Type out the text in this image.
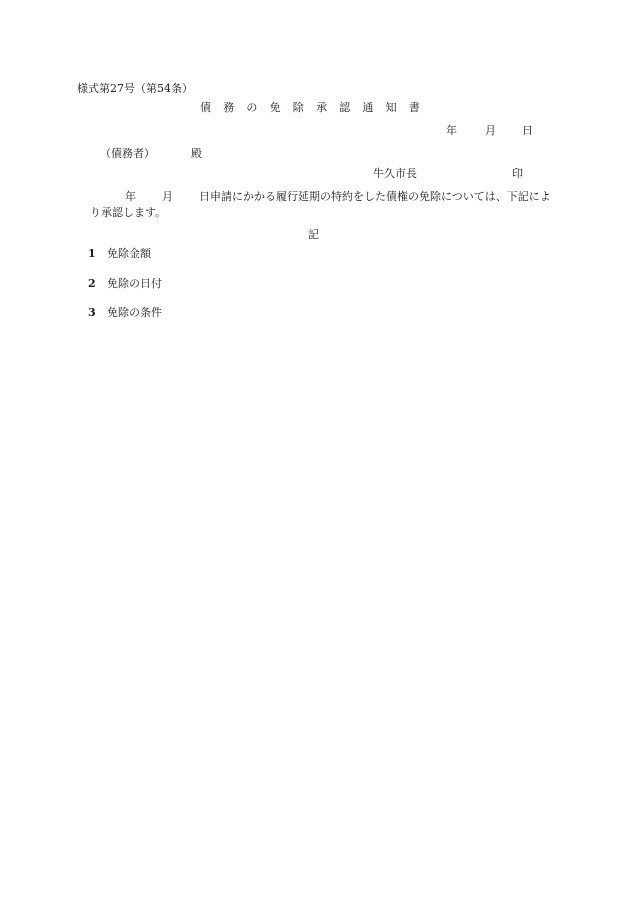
様式第27号（第54条）
債　務　の　免　除　承　認　通　知　書
年	月 日
（債務者）	殿
牛久市長	印
年 月 日申請にかかる履行延期の特約をした債権の免除については、下記により承認します。
記
1 免除金額
2 免除の日付
3 免除の条件
